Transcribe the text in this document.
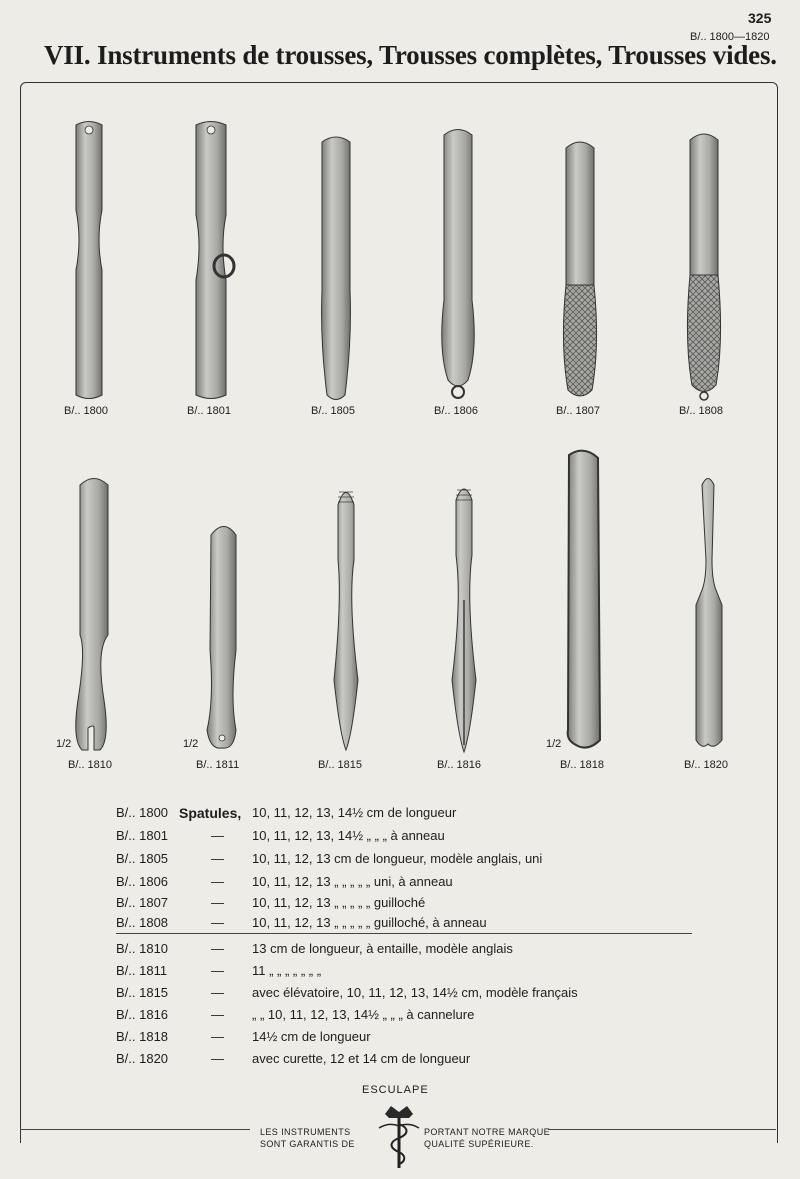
325
B/.. 1800—1820
VII. Instruments de trousses, Trousses complètes, Trousses vides.
B/.. 1800	B/.. 1801	B/.. 1805	B/.. 1806	B/.. 1807	B/.. 1808
1/2	1/2	1/2
B/.. 1810	B/.. 1811	B/.. 1815	B/.. 1816	B/.. 1818	B/.. 1820
B/.. 1800 Spatules, 10, 11, 12, 13, 14½ cm de longueur
B/.. 1801	— 10, 11, 12, 13, 14½ „ „ „ à anneau
B/.. 1805	— 10, 11, 12, 13 cm de longueur, modèle anglais, uni
B/.. 1806	— 10, 11, 12, 13 „ „ „ „ „ uni, à anneau
B/.. 1807	— 10, 11, 12, 13 „ „ „ „ „ guilloché
B/.. 1808	— 10, 11, 12, 13 „ „ „ „ „ guilloché, à anneau
B/.. 1810	— 13 cm de longueur, à entaille, modèle anglais
B/.. 1811	— 11 „ „ „ „ „ „ „
B/.. 1815	— avec élévatoire, 10, 11, 12, 13, 14½ cm, modèle français
B/.. 1816	— „ „ 10, 11, 12, 13, 14½ „ „ „ à cannelure
B/.. 1818	— 14½ cm de longueur
B/.. 1820	— avec curette, 12 et 14 cm de longueur
ESCULAPE
LES INSTRUMENTS
SONT GARANTIS DE
PORTANT NOTRE MARQUE
QUALITÉ SUPÉRIEURE.
